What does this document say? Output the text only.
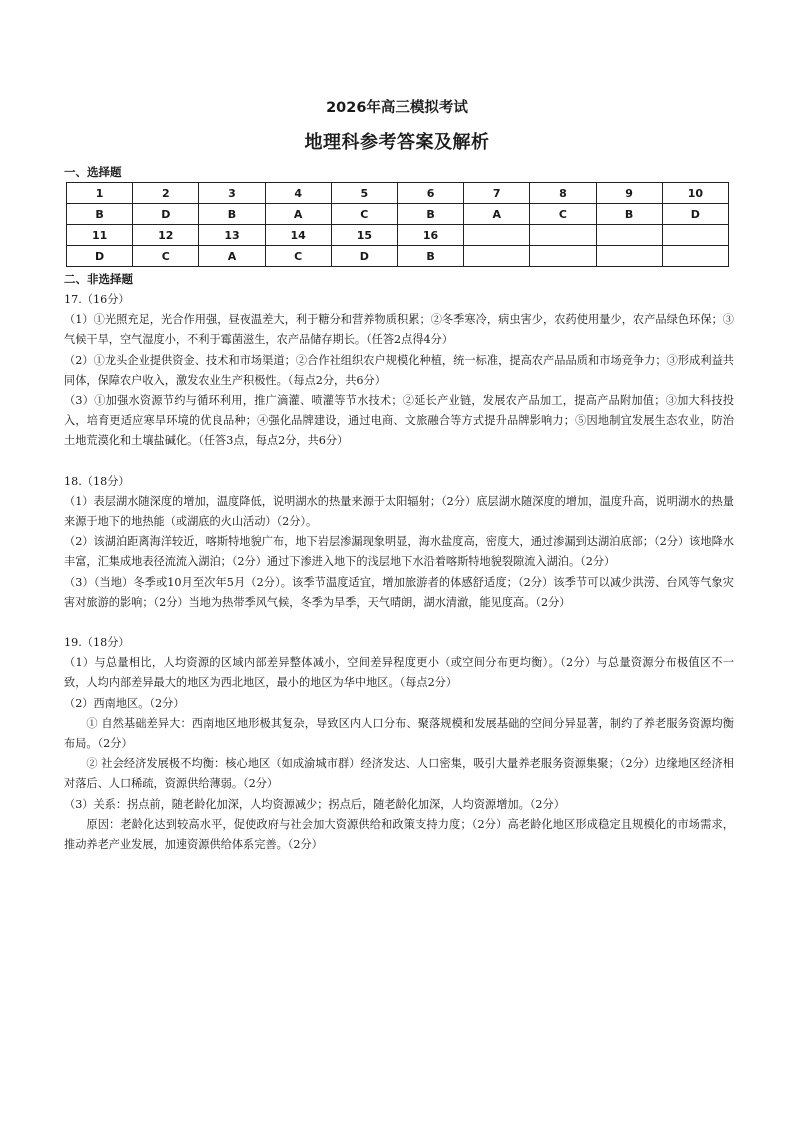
2026年高三模拟考试
地理科参考答案及解析
一、选择题
1	2	3	4	5	6	7	8	9	10
B	D	B	A	C	B	A	C	B	D
11	12	13	14	15	16				
D	C	A	C	D	B				
二、非选择题

17.（16分）

（1）①光照充足，光合作用强，昼夜温差大，利于糖分和营养物质积累；②冬季寒冷，病虫害少，农药使用量少，农产品绿色环保；③气候干旱，空气湿度小，不利于霉菌滋生，农产品储存期长。（任答2点得4分）

（2）①龙头企业提供资金、技术和市场渠道；②合作社组织农户规模化种植，统一标准，提高农产品品质和市场竞争力；③形成利益共同体，保障农户收入，激发农业生产积极性。（每点2分，共6分）

（3）①加强水资源节约与循环利用，推广滴灌、喷灌等节水技术；②延长产业链，发展农产品加工，提高产品附加值；③加大科技投入，培育更适应寒旱环境的优良品种；④强化品牌建设，通过电商、文旅融合等方式提升品牌影响力；⑤因地制宜发展生态农业，防治土地荒漠化和土壤盐碱化。（任答3点，每点2分，共6分）

18.（18分）

（1）表层湖水随深度的增加，温度降低，说明湖水的热量来源于太阳辐射；（2分）底层湖水随深度的增加，温度升高，说明湖水的热量来源于地下的地热能（或湖底的火山活动）（2分）。

（2）该湖泊距离海洋较近，喀斯特地貌广布，地下岩层渗漏现象明显，海水盐度高，密度大，通过渗漏到达湖泊底部；（2分）该地降水丰富，汇集成地表径流流入湖泊；（2分）通过下渗进入地下的浅层地下水沿着喀斯特地貌裂隙流入湖泊。（2分）

（3）（当地）冬季或10月至次年5月（2分）。该季节温度适宜，增加旅游者的体感舒适度；（2分）该季节可以减少洪涝、台风等气象灾害对旅游的影响；（2分）当地为热带季风气候，冬季为旱季，天气晴朗，湖水清澈，能见度高。（2分）

19.（18分）

（1）与总量相比，人均资源的区域内部差异整体减小，空间差异程度更小（或空间分布更均衡）。（2分）与总量资源分布极值区不一致，人均内部差异最大的地区为西北地区，最小的地区为华中地区。（每点2分）

（2）西南地区。（2分）

① 自然基础差异大：西南地区地形极其复杂，导致区内人口分布、聚落规模和发展基础的空间分异显著，制约了养老服务资源均衡布局。（2分）

② 社会经济发展极不均衡：核心地区（如成渝城市群）经济发达、人口密集，吸引大量养老服务资源集聚；（2分）边缘地区经济相对落后、人口稀疏，资源供给薄弱。（2分）

（3）关系：拐点前，随老龄化加深，人均资源减少；拐点后，随老龄化加深，人均资源增加。（2分）

原因：老龄化达到较高水平，促使政府与社会加大资源供给和政策支持力度；（2分）高老龄化地区形成稳定且规模化的市场需求，推动养老产业发展，加速资源供给体系完善。（2分）
